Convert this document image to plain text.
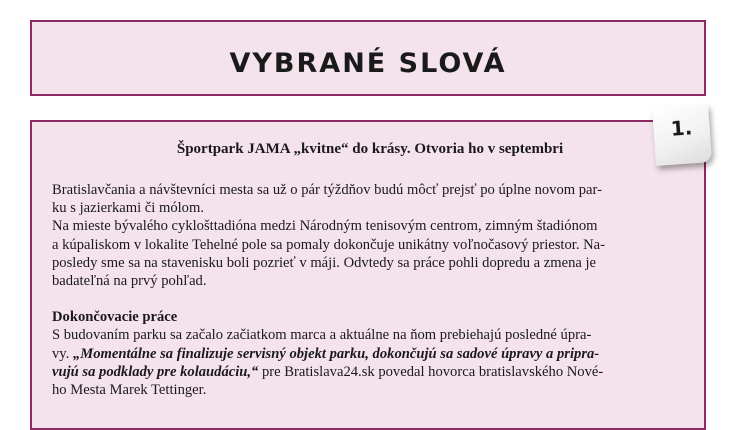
VYBRANÉ SLOVÁ
1.
Športpark JAMA „kvitne“ do krásy. Otvoria ho v septembri
Bratislavčania a návštevníci mesta sa už o pár týždňov budú môcť prejsť po úplne novom par-
ku s jazierkami či mólom.
Na mieste bývalého cyklošttadióna medzi Národným tenisovým centrom, zimným štadiónom
a kúpaliskom v lokalite Tehelné pole sa pomaly dokončuje unikátny voľnočasový priestor. Na-
posledy sme sa na stavenisku boli pozrieť v máji. Odvtedy sa práce pohli dopredu a zmena je
badateľná na prvý pohľad.
Dokončovacie práce
S budovaním parku sa začalo začiatkom marca a aktuálne na ňom prebiehajú posledné úpra-
vy. „Momentálne sa finalizuje servisný objekt parku, dokončujú sa sadové úpravy a pripra-
vujú sa podklady pre kolaudáciu,“ pre Bratislava24.sk povedal hovorca bratislavského Nové-
ho Mesta Marek Tettinger.
